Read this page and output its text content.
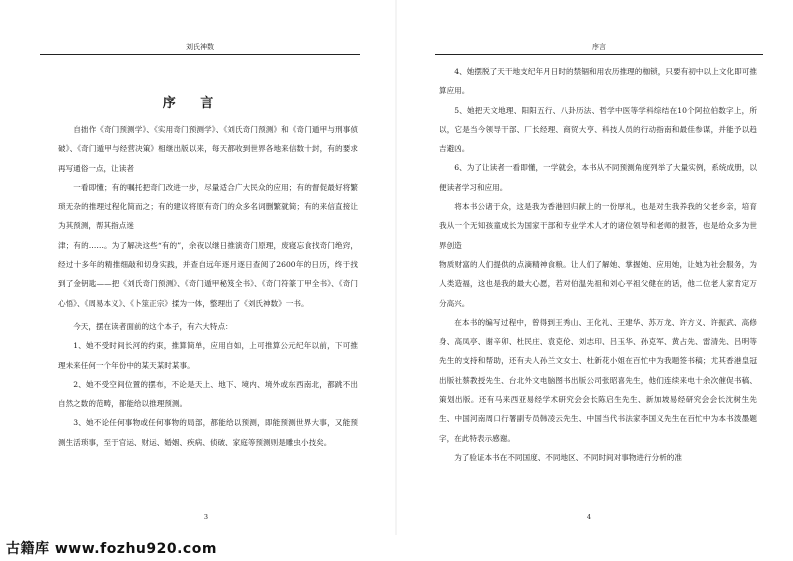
刘氏神数
序 言

自拙作《奇门预测学》、《实用奇门预测学》、《刘氏奇门预测》和《奇门遁甲与刑事侦破》、《奇门遁甲与经营决策》相继出版以来，每天都收到世界各地来信数十封，有的要求再写通俗一点，让读者

一看即懂；有的嘱托把奇门改进一步，尽量适合广大民众的应用；有的督促最好将繁琐无杂的推理过程化简而之；有的建议将原有奇门的众多名词删繁就简；有的来信直接让为其预测，帮其指点迷

津；有的……。为了解决这些“有的”，余夜以继日推演奇门原理，废寝忘食找奇门绝窍，经过十多年的精推细敲和切身实践，并查自远年逐月逐日查阅了2600年的日历，终于找到了金钥匙——把《刘氏奇门预测》、《奇门遁甲秘笈全书》、《奇门符篆丁甲全书》、《奇门心悟》、《周易本义》、《卜筮正宗》揉为一体，整理出了《刘氏神数》一书。

今天，摆在读者面前的这个本子，有六大特点：

1、她不受时间长河的约束，推算简单，应用自如，上可推算公元纪年以前，下可推理未来任何一个年份中的某天某时某事。

2、她不受空间位置的摆布，不论是天上、地下、境内、境外或东西南北，都跳不出自然之数的范畴，都能给以推理预测。

3、她不论任何事物或任何事物的局部，都能给以预测，即能预测世界大事，又能预测生活琐事，至于官运、财运、婚姻、疾病、侦破、家庭等预测则是雕虫小技矣。

3
序言

4、她摆脱了天干地支纪年月日时的禁锢和用农历推理的枷锁，只要有初中以上文化即可推算应用。

5、她把天文地理、阳阳五行、八卦历法、哲学中医等学科综结在10个阿拉伯数字上，所以，它是当今领导干部、厂长经理、商贸大亨、科技人员的行动指南和最佳参谋，并能予以趋吉避凶。

6、为了让读者一看即懂，一学就会，本书从不同预测角度列举了大量实例，系统成册，以便读者学习和应用。

将本书公诸于众，这是我为香港回归献上的一份厚礼，也是对生我养我的父老乡亲，培育我从一个无知孩童成长为国家干部和专业学术人才的诸位领导和老师的报答，也是给众多为世界创造

物质财富的人们提供的点滴精神食粮。让人们了解她、掌握她、应用她，让她为社会服务，为人类造福，这也是我的最大心愿，若对伯温先祖和刘心平祖父健在的话，他二位老人家肯定万分高兴。

在本书的编写过程中，曾得到王秀山、王化礼、王建华、苏万龙、许方义、许振武、高修身、高凤亭、谢辛卯、杜民庄、袁克伦、刘志印、吕玉华、孙克军、黄占先、雷清先、吕明等先生的支持和帮助，还有夫人孙兰文女士、杜新花小姐在百忙中为我题签书稿；尤其香港皇冠出版社蔡教授先生、台北外文电脑图书出版公司张昭喜先生，他们连续来电十余次催促书稿、策划出版。还有马来西亚易经学术研究会会长陈启生先生、新加坡易经研究会会长沈树生先生、中国河南周口行署副专员韩凌云先生、中国当代书法家李国义先生在百忙中为本书泼墨题字，在此特表示感谢。

为了验证本书在不同国度、不同地区、不同时间对事物进行分析的准

4
古籍库 www.fozhu920.com
